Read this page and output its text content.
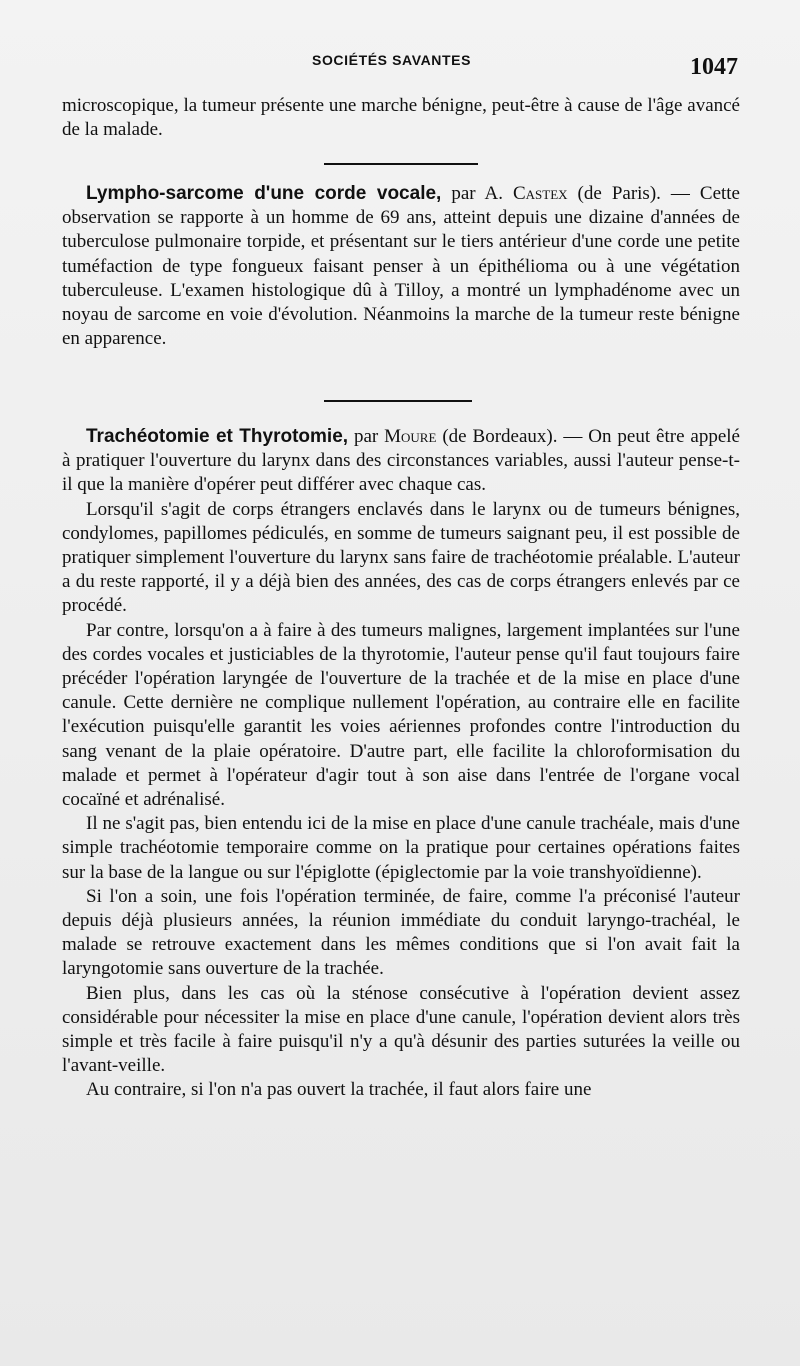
SOCIÉTÉS SAVANTES	1047

microscopique, la tumeur présente une marche bénigne, peut-être à cause de l'âge avancé de la malade.

Lympho-sarcome d'une corde vocale, par A. Castex (de Paris). — Cette observation se rapporte à un homme de 69 ans, atteint depuis une dizaine d'années de tuberculose pulmonaire torpide, et présentant sur le tiers antérieur d'une corde une petite tuméfaction de type fongueux faisant penser à un épithélioma ou à une végétation tuberculeuse. L'examen histologique dû à Tilloy, a montré un lymphadénome avec un noyau de sarcome en voie d'évolution. Néanmoins la marche de la tumeur reste bénigne en apparence.

Trachéotomie et Thyrotomie, par Moure (de Bordeaux). — On peut être appelé à pratiquer l'ouverture du larynx dans des circonstances variables, aussi l'auteur pense-t-il que la manière d'opérer peut différer avec chaque cas.

Lorsqu'il s'agit de corps étrangers enclavés dans le larynx ou de tumeurs bénignes, condylomes, papillomes pédiculés, en somme de tumeurs saignant peu, il est possible de pratiquer simplement l'ouverture du larynx sans faire de trachéotomie préalable. L'auteur a du reste rapporté, il y a déjà bien des années, des cas de corps étrangers enlevés par ce procédé.

Par contre, lorsqu'on a à faire à des tumeurs malignes, largement implantées sur l'une des cordes vocales et justiciables de la thyrotomie, l'auteur pense qu'il faut toujours faire précéder l'opération laryngée de l'ouverture de la trachée et de la mise en place d'une canule. Cette dernière ne complique nullement l'opération, au contraire elle en facilite l'exécution puisqu'elle garantit les voies aériennes profondes contre l'introduction du sang venant de la plaie opératoire. D'autre part, elle facilite la chloroformisation du malade et permet à l'opérateur d'agir tout à son aise dans l'entrée de l'organe vocal cocaïné et adrénalisé.

Il ne s'agit pas, bien entendu ici de la mise en place d'une canule trachéale, mais d'une simple trachéotomie temporaire comme on la pratique pour certaines opérations faites sur la base de la langue ou sur l'épiglotte (épiglectomie par la voie transhyoïdienne).

Si l'on a soin, une fois l'opération terminée, de faire, comme l'a préconisé l'auteur depuis déjà plusieurs années, la réunion immédiate du conduit laryngo-trachéal, le malade se retrouve exactement dans les mêmes conditions que si l'on avait fait la laryngotomie sans ouverture de la trachée.

Bien plus, dans les cas où la sténose consécutive à l'opération devient assez considérable pour nécessiter la mise en place d'une canule, l'opération devient alors très simple et très facile à faire puisqu'il n'y a qu'à désunir des parties suturées la veille ou l'avant-veille.

Au contraire, si l'on n'a pas ouvert la trachée, il faut alors faire une
